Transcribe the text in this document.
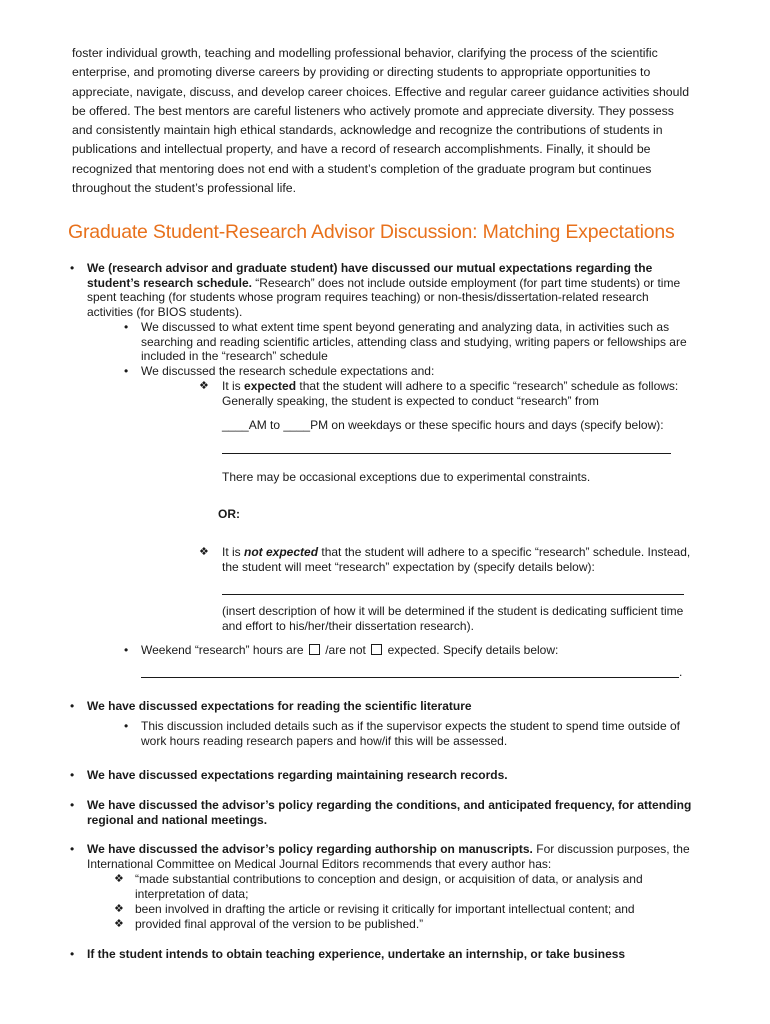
foster individual growth, teaching and modelling professional behavior, clarifying the process of the scientific enterprise, and promoting diverse careers by providing or directing students to appropriate opportunities to appreciate, navigate, discuss, and develop career choices. Effective and regular career guidance activities should be offered. The best mentors are careful listeners who actively promote and appreciate diversity. They possess and consistently maintain high ethical standards, acknowledge and recognize the contributions of students in publications and intellectual property, and have a record of research accomplishments. Finally, it should be recognized that mentoring does not end with a student’s completion of the graduate program but continues throughout the student’s professional life.

Graduate Student-Research Advisor Discussion: Matching Expectations
• We (research advisor and graduate student) have discussed our mutual expectations regarding the student’s research schedule. “Research” does not include outside employment (for part time students) or time spent teaching (for students whose program requires teaching) or non-thesis/dissertation-related research activities (for BIOS students).
• We discussed to what extent time spent beyond generating and analyzing data, in activities such as searching and reading scientific articles, attending class and studying, writing papers or fellowships are included in the “research” schedule
• We discussed the research schedule expectations and:
❖ It is expected that the student will adhere to a specific “research” schedule as follows: Generally speaking, the student is expected to conduct “research” from
____AM to ____PM on weekdays or these specific hours and days (specify below):
There may be occasional exceptions due to experimental constraints.
OR:
❖ It is not expected that the student will adhere to a specific “research” schedule. Instead, the student will meet “research” expectation by (specify details below):
(insert description of how it will be determined if the student is dedicating sufficient time and effort to his/her/their dissertation research).
• Weekend “research” hours are  /are not  expected. Specify details below:
.
• We have discussed expectations for reading the scientific literature
• This discussion included details such as if the supervisor expects the student to spend time outside of work hours reading research papers and how/if this will be assessed.
• We have discussed expectations regarding maintaining research records.
• We have discussed the advisor’s policy regarding the conditions, and anticipated frequency, for attending regional and national meetings.
• We have discussed the advisor’s policy regarding authorship on manuscripts. For discussion purposes, the International Committee on Medical Journal Editors recommends that every author has:
❖ “made substantial contributions to conception and design, or acquisition of data, or analysis and interpretation of data;
❖ been involved in drafting the article or revising it critically for important intellectual content; and
❖ provided final approval of the version to be published.”
• If the student intends to obtain teaching experience, undertake an internship, or take business
